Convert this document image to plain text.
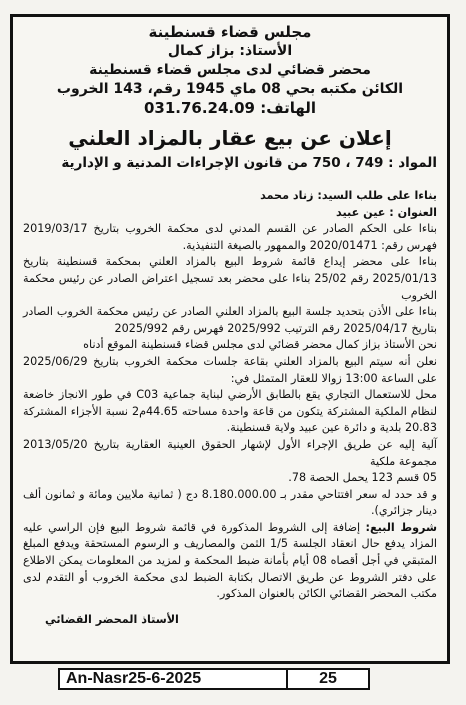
مجلس قضاء قسنطينة
الأستاذ: بزاز كمال
محضر قضائي لدى مجلس قضاء قسنطينة
الكائن مكتبه بحي 08 ماي 1945 رقم، 143 الخروب
الهاتف: 031.76.24.09
إعلان عن بيع عقار بالمزاد العلني
المواد : 749 ، 750 من قانون الإجراءات المدنية و الإدارية

بناءا على طلب السيد: زناد محمد

العنوان : عين عبيد

بناءا على الحكم الصادر عن القسم المدني لدى محكمة الخروب بتاريخ 2019/03/17 فهرس رقم: 2020/01471 والممهور بالصيغة التنفيذية.

بناءا على محضر إيداع قائمة شروط البيع بالمزاد العلني بمحكمة قسنطينة بتاريخ 2025/01/13 رقم 25/02 بناءا على محضر بعد تسجيل اعتراض الصادر عن رئيس محكمة الخروب

بناءا على الأذن بتحديد جلسة البيع بالمزاد العلني الصادر عن رئيس محكمة الخروب الصادر بتاريخ 2025/04/17 رقم الترتيب 2025/992 فهرس رقم 2025/992

نحن الأستاذ بزاز كمال محضر قضائي لدى مجلس قضاء قسنطينة الموقع أدناه

نعلن أنه سيتم البيع بالمزاد العلني بقاعة جلسات محكمة الخروب بتاريخ 2025/06/29 على الساعة 13:00 زوالا للعقار المتمثل في:

محل للاستعمال التجاري يقع بالطابق الأرضي لبناية جماعية C03 في طور الانجاز خاضعة لنظام الملكية المشتركة يتكون من قاعة واحدة مساحته 44.65م2 نسبة الأجزاء المشتركة 20.83 بلدية و دائرة عين عبيد ولاية قسنطينة.

آلية إليه عن طريق الإجراء الأول لإشهار الحقوق العينية العقارية بتاريخ 2013/05/20 مجموعة ملكية

05 قسم 123 يحمل الحصة 78.

و قد حدد له سعر افتتاحي مقدر بـ 8.180.000.00 دج ( ثمانية ملايين ومائة و ثمانون ألف دينار جزائري).

شروط البيع: إضافة إلى الشروط المذكورة في قائمة شروط البيع فإن الراسي عليه المزاد يدفع حال انعقاد الجلسة 1/5 الثمن والمصاريف و الرسوم المستحقة ويدفع المبلغ المتبقي في أجل أقصاه 08 أيام بأمانة ضبط المحكمة و لمزيد من المعلومات يمكن الاطلاع على دفتر الشروط عن طريق الاتصال بكتابة الضبط لدى محكمة الخروب أو التقدم لدى مكتب المحضر القضائي الكائن بالعنوان المذكور.

الأستاذ المحضر القضائي
An-Nasr25-6-2025	25
